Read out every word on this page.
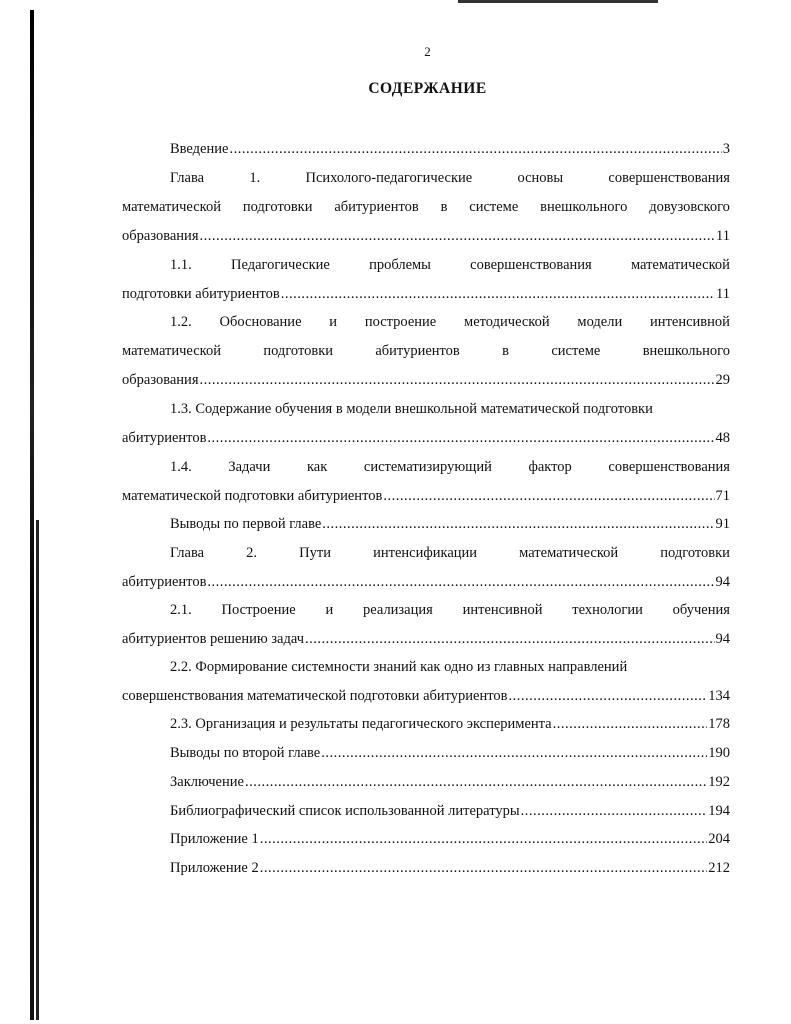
2
СОДЕРЖАНИЕ
Введение .....	3
Глава	1.	Психолого-педагогические	основы	совершенствования
математической подготовки абитуриентов в системе внешкольного довузовского
образования .....	11
1.1.	Педагогические	проблемы	совершенствования	математической
подготовки абитуриентов .....	11
1.2. Обоснование и построение методической модели интенсивной
математической	подготовки	абитуриентов	в	системе	внешкольного
образования .....	29
1.3. Содержание обучения в модели внешкольной математической подготовки
абитуриентов .....	48
1.4.	Задачи	как	систематизирующий	фактор	совершенствования
математической подготовки абитуриентов .....	71
Выводы по первой главе .....	91
Глава	2.	Пути	интенсификации	математической	подготовки
абитуриентов .....	94
2.1. Построение и реализация интенсивной технологии обучения
абитуриентов решению задач .....	94
2.2. Формирование системности знаний как одно из главных направлений
совершенствования математической подготовки абитуриентов .....	134
2.3. Организация и результаты педагогического эксперимента .....	178
Выводы по второй главе .....	190
Заключение .....	192
Библиографический список использованной литературы .....	194
Приложение 1 .....	204
Приложение 2 .....	212
